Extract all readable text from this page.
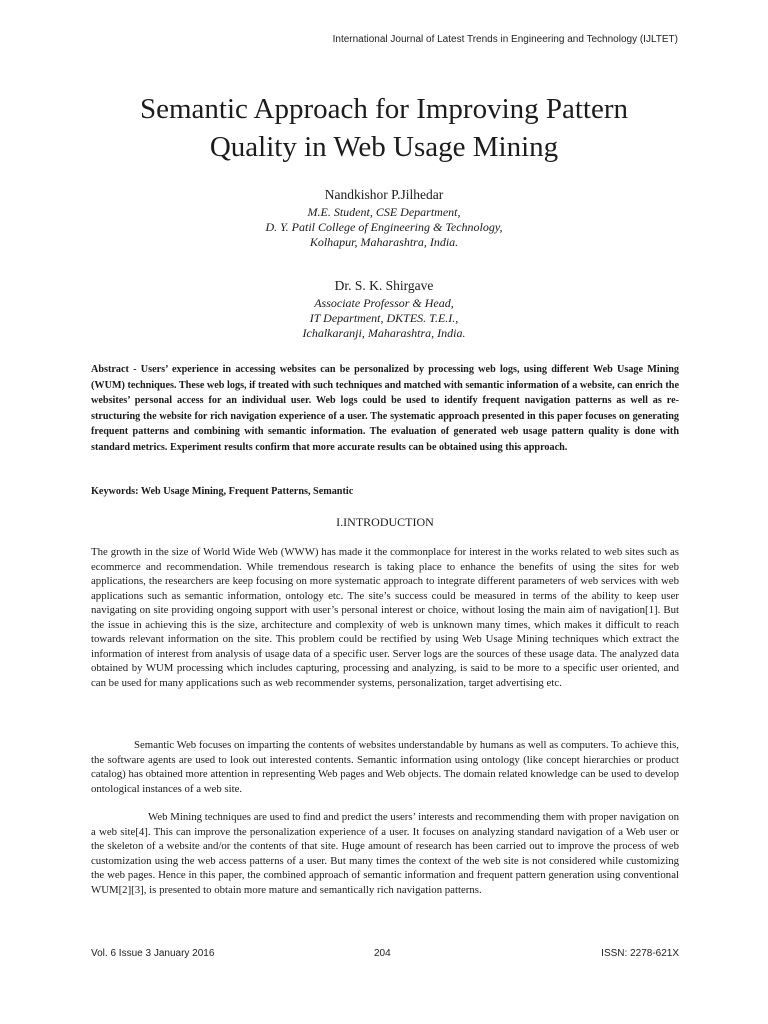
International Journal of Latest Trends in Engineering and Technology (IJLTET)
Semantic Approach for Improving Pattern
Quality in Web Usage Mining
Nandkishor P.Jilhedar
M.E. Student, CSE Department,
D. Y. Patil College of Engineering & Technology,
Kolhapur, Maharashtra, India.
Dr. S. K. Shirgave
Associate Professor & Head,
IT Department, DKTES. T.E.I.,
Ichalkaranji, Maharashtra, India.

Abstract - Users’ experience in accessing websites can be personalized by processing web logs, using different Web Usage Mining (WUM) techniques. These web logs, if treated with such techniques and matched with semantic information of a website, can enrich the websites’ personal access for an individual user. Web logs could be used to identify frequent navigation patterns as well as re-structuring the website for rich navigation experience of a user. The systematic approach presented in this paper focuses on generating frequent patterns and combining with semantic information. The evaluation of generated web usage pattern quality is done with standard metrics. Experiment results confirm that more accurate results can be obtained using this approach.

Keywords: Web Usage Mining, Frequent Patterns, Semantic

I.INTRODUCTION

The growth in the size of World Wide Web (WWW) has made it the commonplace for interest in the works related to web sites such as ecommerce and recommendation. While tremendous research is taking place to enhance the benefits of using the sites for web applications, the researchers are keep focusing on more systematic approach to integrate different parameters of web services with web applications such as semantic information, ontology etc. The site’s success could be measured in terms of the ability to keep user navigating on site providing ongoing support with user’s personal interest or choice, without losing the main aim of navigation[1]. But the issue in achieving this is the size, architecture and complexity of web is unknown many times, which makes it difficult to reach towards relevant information on the site. This problem could be rectified by using Web Usage Mining techniques which extract the information of interest from analysis of usage data of a specific user. Server logs are the sources of these usage data. The analyzed data obtained by WUM processing which includes capturing, processing and analyzing, is said to be more to a specific user oriented, and can be used for many applications such as web recommender systems, personalization, target advertising etc.

Semantic Web focuses on imparting the contents of websites understandable by humans as well as computers. To achieve this, the software agents are used to look out interested contents. Semantic information using ontology (like concept hierarchies or product catalog) has obtained more attention in representing Web pages and Web objects. The domain related knowledge can be used to develop ontological instances of a web site.

Web Mining techniques are used to find and predict the users’ interests and recommending them with proper navigation on a web site[4]. This can improve the personalization experience of a user. It focuses on analyzing standard navigation of a Web user or the skeleton of a website and/or the contents of that site. Huge amount of research has been carried out to improve the process of web customization using the web access patterns of a user. But many times the context of the web site is not considered while customizing the web pages. Hence in this paper, the combined approach of semantic information and frequent pattern generation using conventional WUM[2][3], is presented to obtain more mature and semantically rich navigation patterns.

Vol. 6 Issue 3 January 2016	204	ISSN: 2278-621X
